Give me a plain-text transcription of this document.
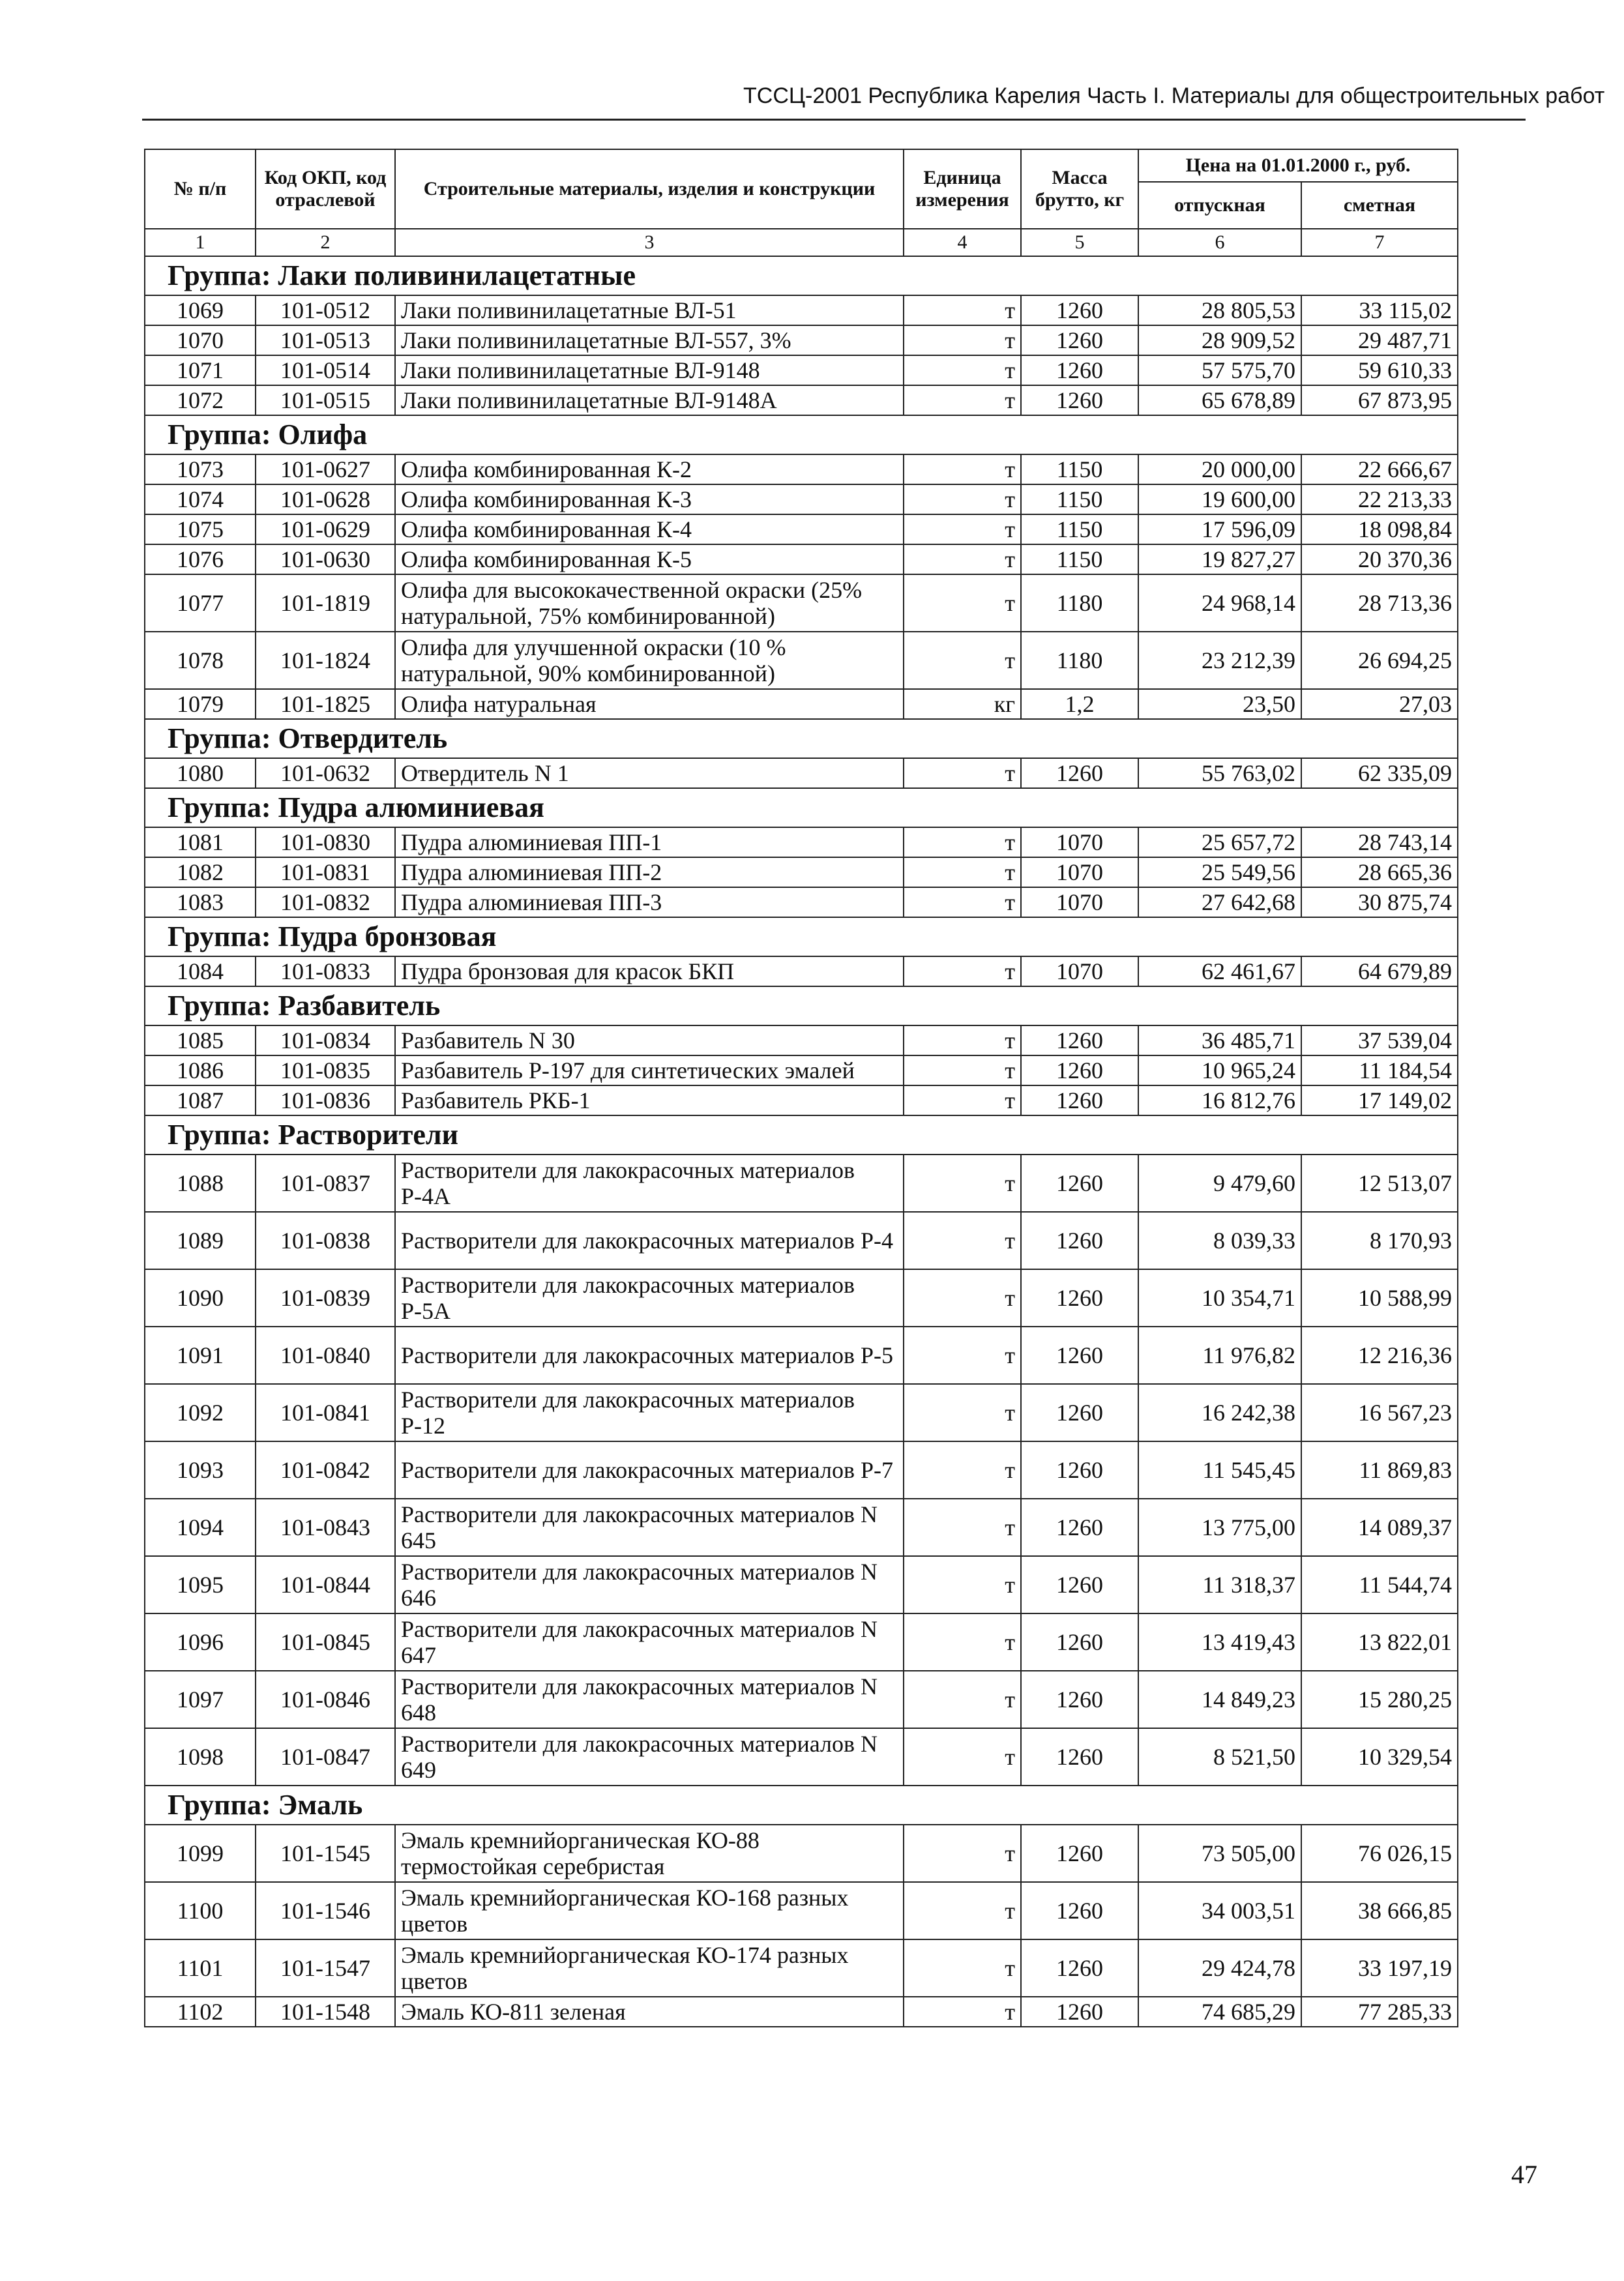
ТССЦ-2001 Республика Карелия Часть I. Материалы для общестроительных работ
№ п/п	Код ОКП, код отраслевой	Строительные материалы, изделия и конструкции	Единица измерения	Масса брутто, кг	Цена на 01.01.2000 г., руб.	
					отпускная	сметная
1	2	3	4	5	6	7
Группа: Лаки поливинилацетатные						
1069	101-0512	Лаки поливинилацетатные ВЛ-51	т	1260	28 805,53	33 115,02
1070	101-0513	Лаки поливинилацетатные ВЛ-557, 3%	т	1260	28 909,52	29 487,71
1071	101-0514	Лаки поливинилацетатные ВЛ-9148	т	1260	57 575,70	59 610,33
1072	101-0515	Лаки поливинилацетатные ВЛ-9148А	т	1260	65 678,89	67 873,95
Группа: Олифа						
1073	101-0627	Олифа комбинированная К-2	т	1150	20 000,00	22 666,67
1074	101-0628	Олифа комбинированная К-3	т	1150	19 600,00	22 213,33
1075	101-0629	Олифа комбинированная К-4	т	1150	17 596,09	18 098,84
1076	101-0630	Олифа комбинированная К-5	т	1150	19 827,27	20 370,36
1077	101-1819	Олифа для высококачественной окраски (25% натуральной, 75% комбинированной)	т	1180	24 968,14	28 713,36
1078	101-1824	Олифа для улучшенной окраски (10 % натуральной, 90% комбинированной)	т	1180	23 212,39	26 694,25
1079	101-1825	Олифа натуральная	кг	1,2	23,50	27,03
Группа: Отвердитель						
1080	101-0632	Отвердитель N 1	т	1260	55 763,02	62 335,09
Группа: Пудра алюминиевая						
1081	101-0830	Пудра алюминиевая ПП-1	т	1070	25 657,72	28 743,14
1082	101-0831	Пудра алюминиевая ПП-2	т	1070	25 549,56	28 665,36
1083	101-0832	Пудра алюминиевая ПП-3	т	1070	27 642,68	30 875,74
Группа: Пудра бронзовая						
1084	101-0833	Пудра бронзовая для красок БКП	т	1070	62 461,67	64 679,89
Группа: Разбавитель						
1085	101-0834	Разбавитель N 30	т	1260	36 485,71	37 539,04
1086	101-0835	Разбавитель Р-197 для синтетических эмалей	т	1260	10 965,24	11 184,54
1087	101-0836	Разбавитель РКБ-1	т	1260	16 812,76	17 149,02
Группа: Растворители						
1088	101-0837	Растворители для лакокрасочных материалов Р-4А	т	1260	9 479,60	12 513,07
1089	101-0838	Растворители для лакокрасочных материалов Р-4	т	1260	8 039,33	8 170,93
1090	101-0839	Растворители для лакокрасочных материалов Р-5А	т	1260	10 354,71	10 588,99
1091	101-0840	Растворители для лакокрасочных материалов Р-5	т	1260	11 976,82	12 216,36
1092	101-0841	Растворители для лакокрасочных материалов Р-12	т	1260	16 242,38	16 567,23
1093	101-0842	Растворители для лакокрасочных материалов Р-7	т	1260	11 545,45	11 869,83
1094	101-0843	Растворители для лакокрасочных материалов N 645	т	1260	13 775,00	14 089,37
1095	101-0844	Растворители для лакокрасочных материалов N 646	т	1260	11 318,37	11 544,74
1096	101-0845	Растворители для лакокрасочных материалов N 647	т	1260	13 419,43	13 822,01
1097	101-0846	Растворители для лакокрасочных материалов N 648	т	1260	14 849,23	15 280,25
1098	101-0847	Растворители для лакокрасочных материалов N 649	т	1260	8 521,50	10 329,54
Группа: Эмаль						
1099	101-1545	Эмаль кремнийорганическая КО-88 термостойкая серебристая	т	1260	73 505,00	76 026,15
1100	101-1546	Эмаль кремнийорганическая КО-168 разных цветов	т	1260	34 003,51	38 666,85
1101	101-1547	Эмаль кремнийорганическая КО-174 разных цветов	т	1260	29 424,78	33 197,19
1102	101-1548	Эмаль КО-811 зеленая	т	1260	74 685,29	77 285,33
47
